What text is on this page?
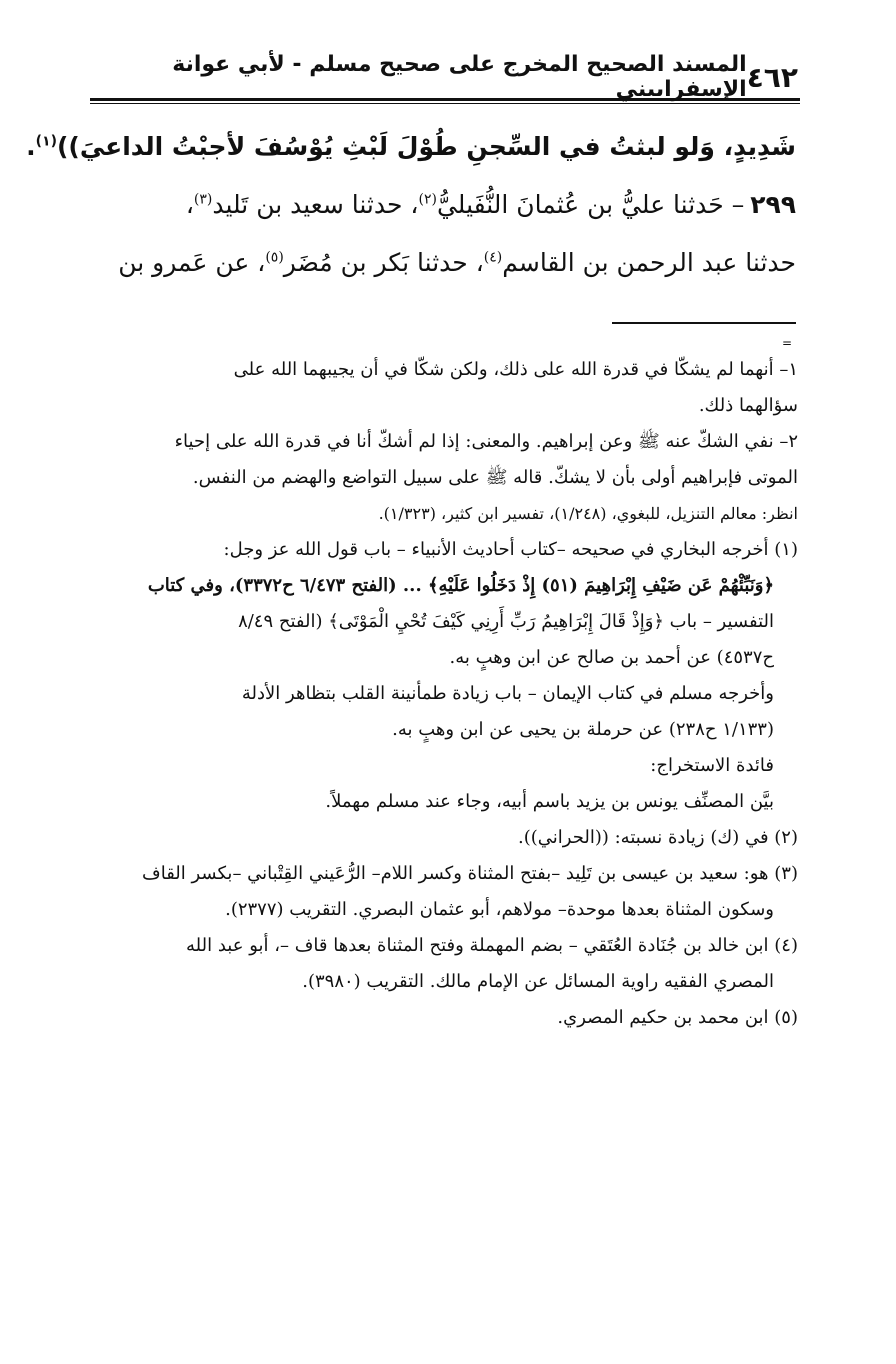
٤٦٢
المسند الصحيح المخرج على صحيح مسلم - لأبي عوانة الإسفراييني
شَدِيدٍ، وَلو لبثتُ في السِّجنِ طُوْلَ لَبْثِ يُوْسُفَ لأجبْتُ الداعيَ))$^{(١)}$.
٢٩٩– حَدثنا عليُّ بن عُثمانَ النُّفَيليُّ$^{(٢)}$، حدثنا سعيد بن تَليد$^{(٣)}$،
حدثنا عبد الرحمن بن القاسم$^{(٤)}$، حدثنا بَكر بن مُضَر$^{(٥)}$، عن عَمرو بن
=
١– أنهما لم يشكّا في قدرة الله على ذلك، ولكن شكّا في أن يجيبهما الله على
سؤالهما ذلك.
٢– نفي الشكّ عنه ﷺ وعن إبراهيم. والمعنى: إذا لم أشكّ أنا في قدرة الله على إحياء
الموتى فإبراهيم أولى بأن لا يشكّ. قاله ﷺ على سبيل التواضع والهضم من النفس.
انظر: معالم التنزيل، للبغوي، (١/٢٤٨)، تفسير ابن كثير، (١/٣٢٣).
(١) أخرجه البخاري في صحيحه –كتاب أحاديث الأنبياء – باب قول الله عز وجل:
﴿وَنَبِّئْهُمْ عَن ضَيْفِ إِبْرَاهِيمَ (٥١) إِذْ دَخَلُوا عَلَيْهِ﴾ ... (الفتح ٦/٤٧٣ ح٣٣٧٢)، وفي كتاب
التفسير – باب ﴿وَإِذْ قَالَ إِبْرَاهِيمُ رَبِّ أَرِنِي كَيْفَ تُحْيِ الْمَوْتَى﴾ (الفتح ٨/٤٩
ح٤٥٣٧) عن أحمد بن صالح عن ابن وهبٍ به.
وأخرجه مسلم في كتاب الإيمان – باب زيادة طمأنينة القلب بتظاهر الأدلة
(١/١٣٣ ح٢٣٨) عن حرملة بن يحيى عن ابن وهبٍ به.
فائدة الاستخراج:
بيَّن المصنِّف يونس بن يزيد باسم أبيه، وجاء عند مسلم مهملاً.
(٢) في (ك) زيادة نسبته: ((الحراني)).
(٣) هو: سعيد بن عيسى بن تَلِيد –بفتح المثناة وكسر اللام– الرُّعَيني القِتْباني –بكسر القاف
وسكون المثناة بعدها موحدة– مولاهم، أبو عثمان البصري. التقريب (٢٣٧٧).
(٤) ابن خالد بن جُنَادة العُتَقي – بضم المهملة وفتح المثناة بعدها قاف –، أبو عبد الله
المصري الفقيه راوية المسائل عن الإمام مالك. التقريب (٣٩٨٠).
(٥) ابن محمد بن حكيم المصري.
